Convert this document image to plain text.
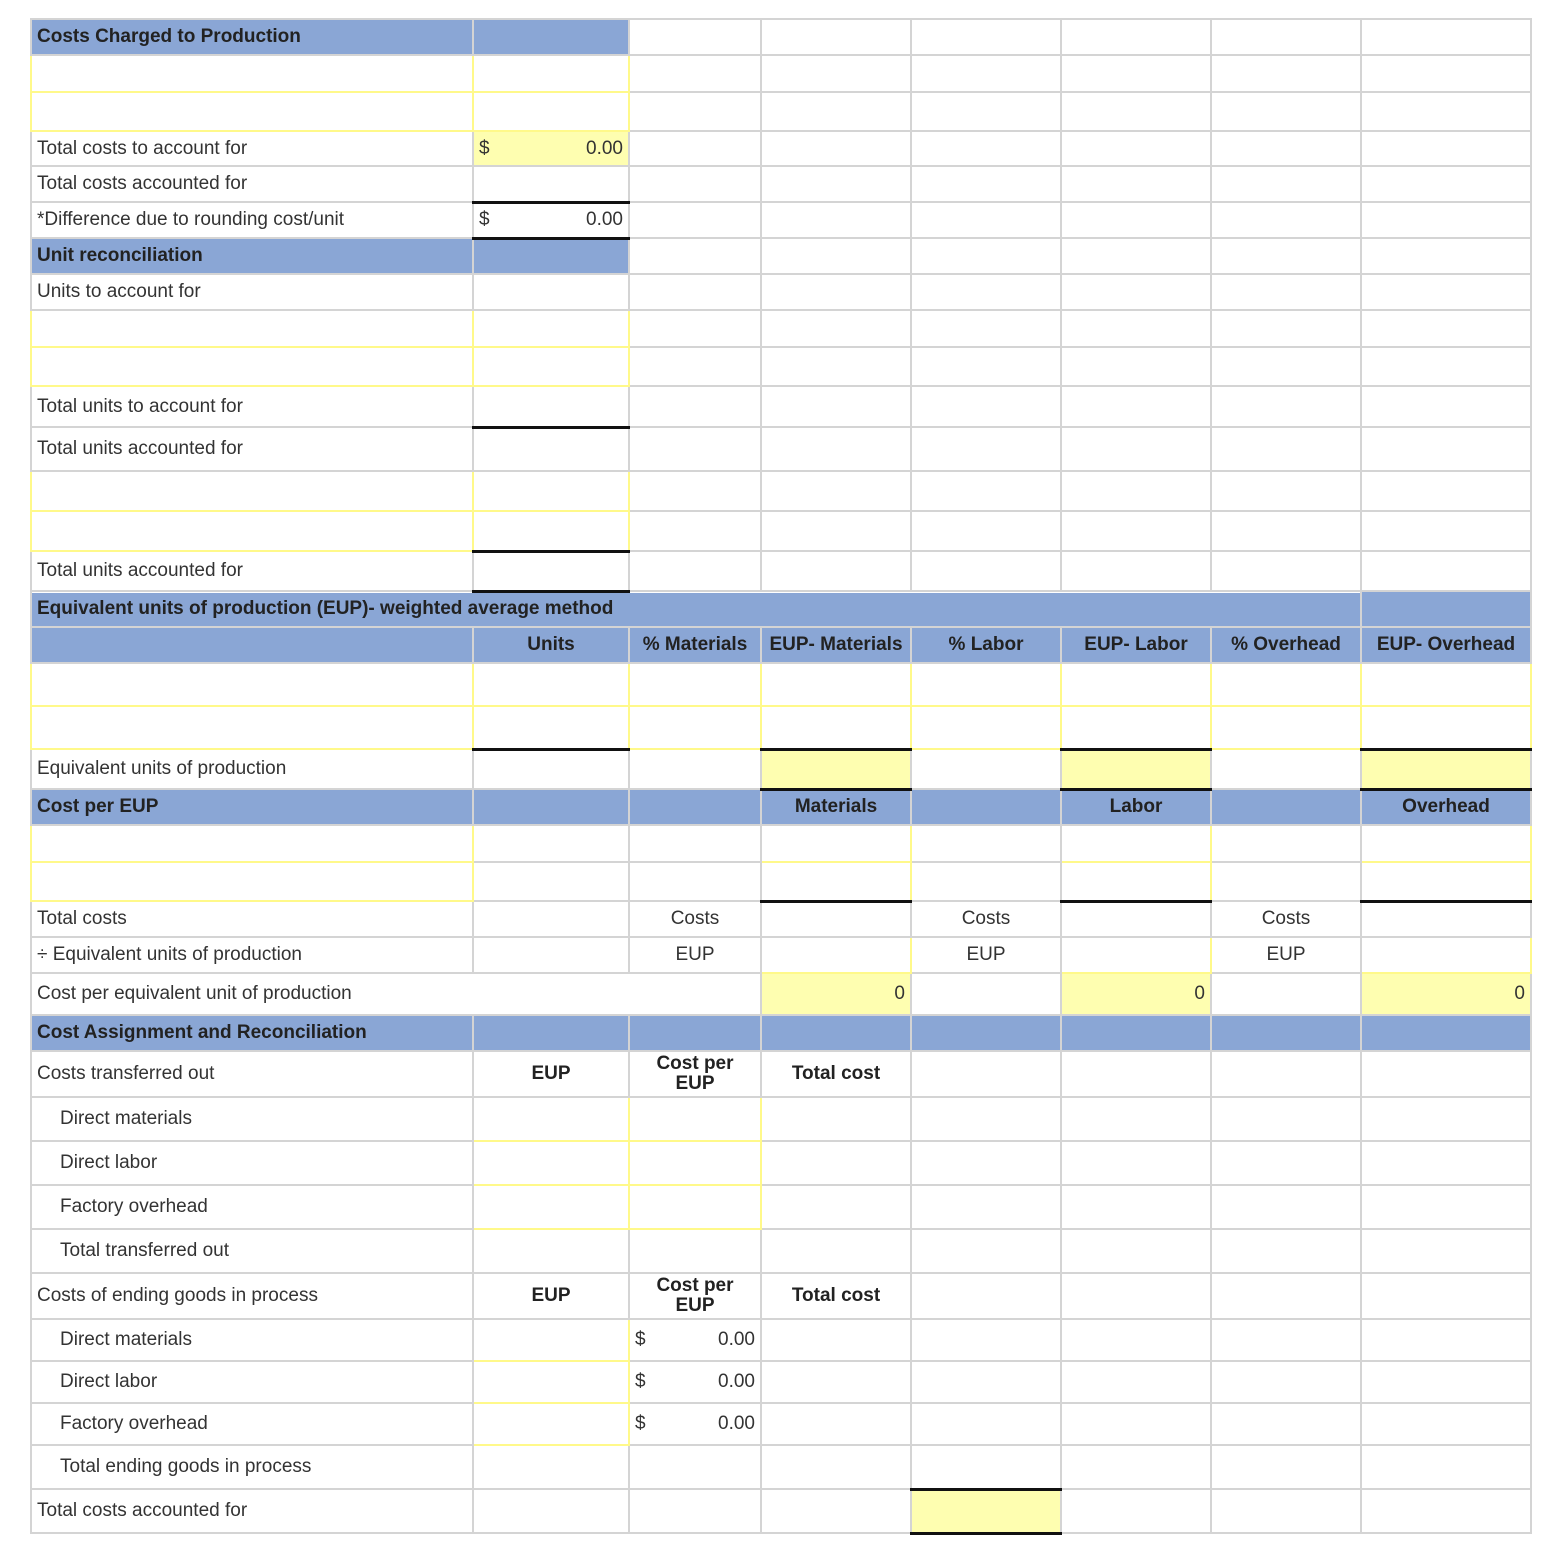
Costs Charged to Production							

Total costs to account for	$ 0.00						

Total costs accounted for							
*Difference due to rounding cost/unit	$ 0.00						

Unit reconciliation							
Units to account for							

Total units to account for							
Total units accounted for							

Total units accounted for							
Equivalent units of production (EUP)- weighted average method							
	Units	% Materials	EUP- Materials	% Labor	EUP- Labor	% Overhead	EUP- Overhead

Equivalent units of production							
Cost per EUP			Materials		Labor		Overhead

Total costs		Costs		Costs		Costs	
÷ Equivalent units of production		EUP		EUP		EUP	
Cost per equivalent unit of production			0		0		0
Cost Assignment and Reconciliation							
Costs transferred out	EUP	Cost per EUP	Total cost				
Direct materials							
Direct labor							
Factory overhead							
Total transferred out							
Costs of ending goods in process	EUP	Cost per EUP	Total cost				
Direct materials		$ 0.00					

Direct labor		$ 0.00					

Factory overhead		$ 0.00					

Total ending goods in process							
Total costs accounted for							
